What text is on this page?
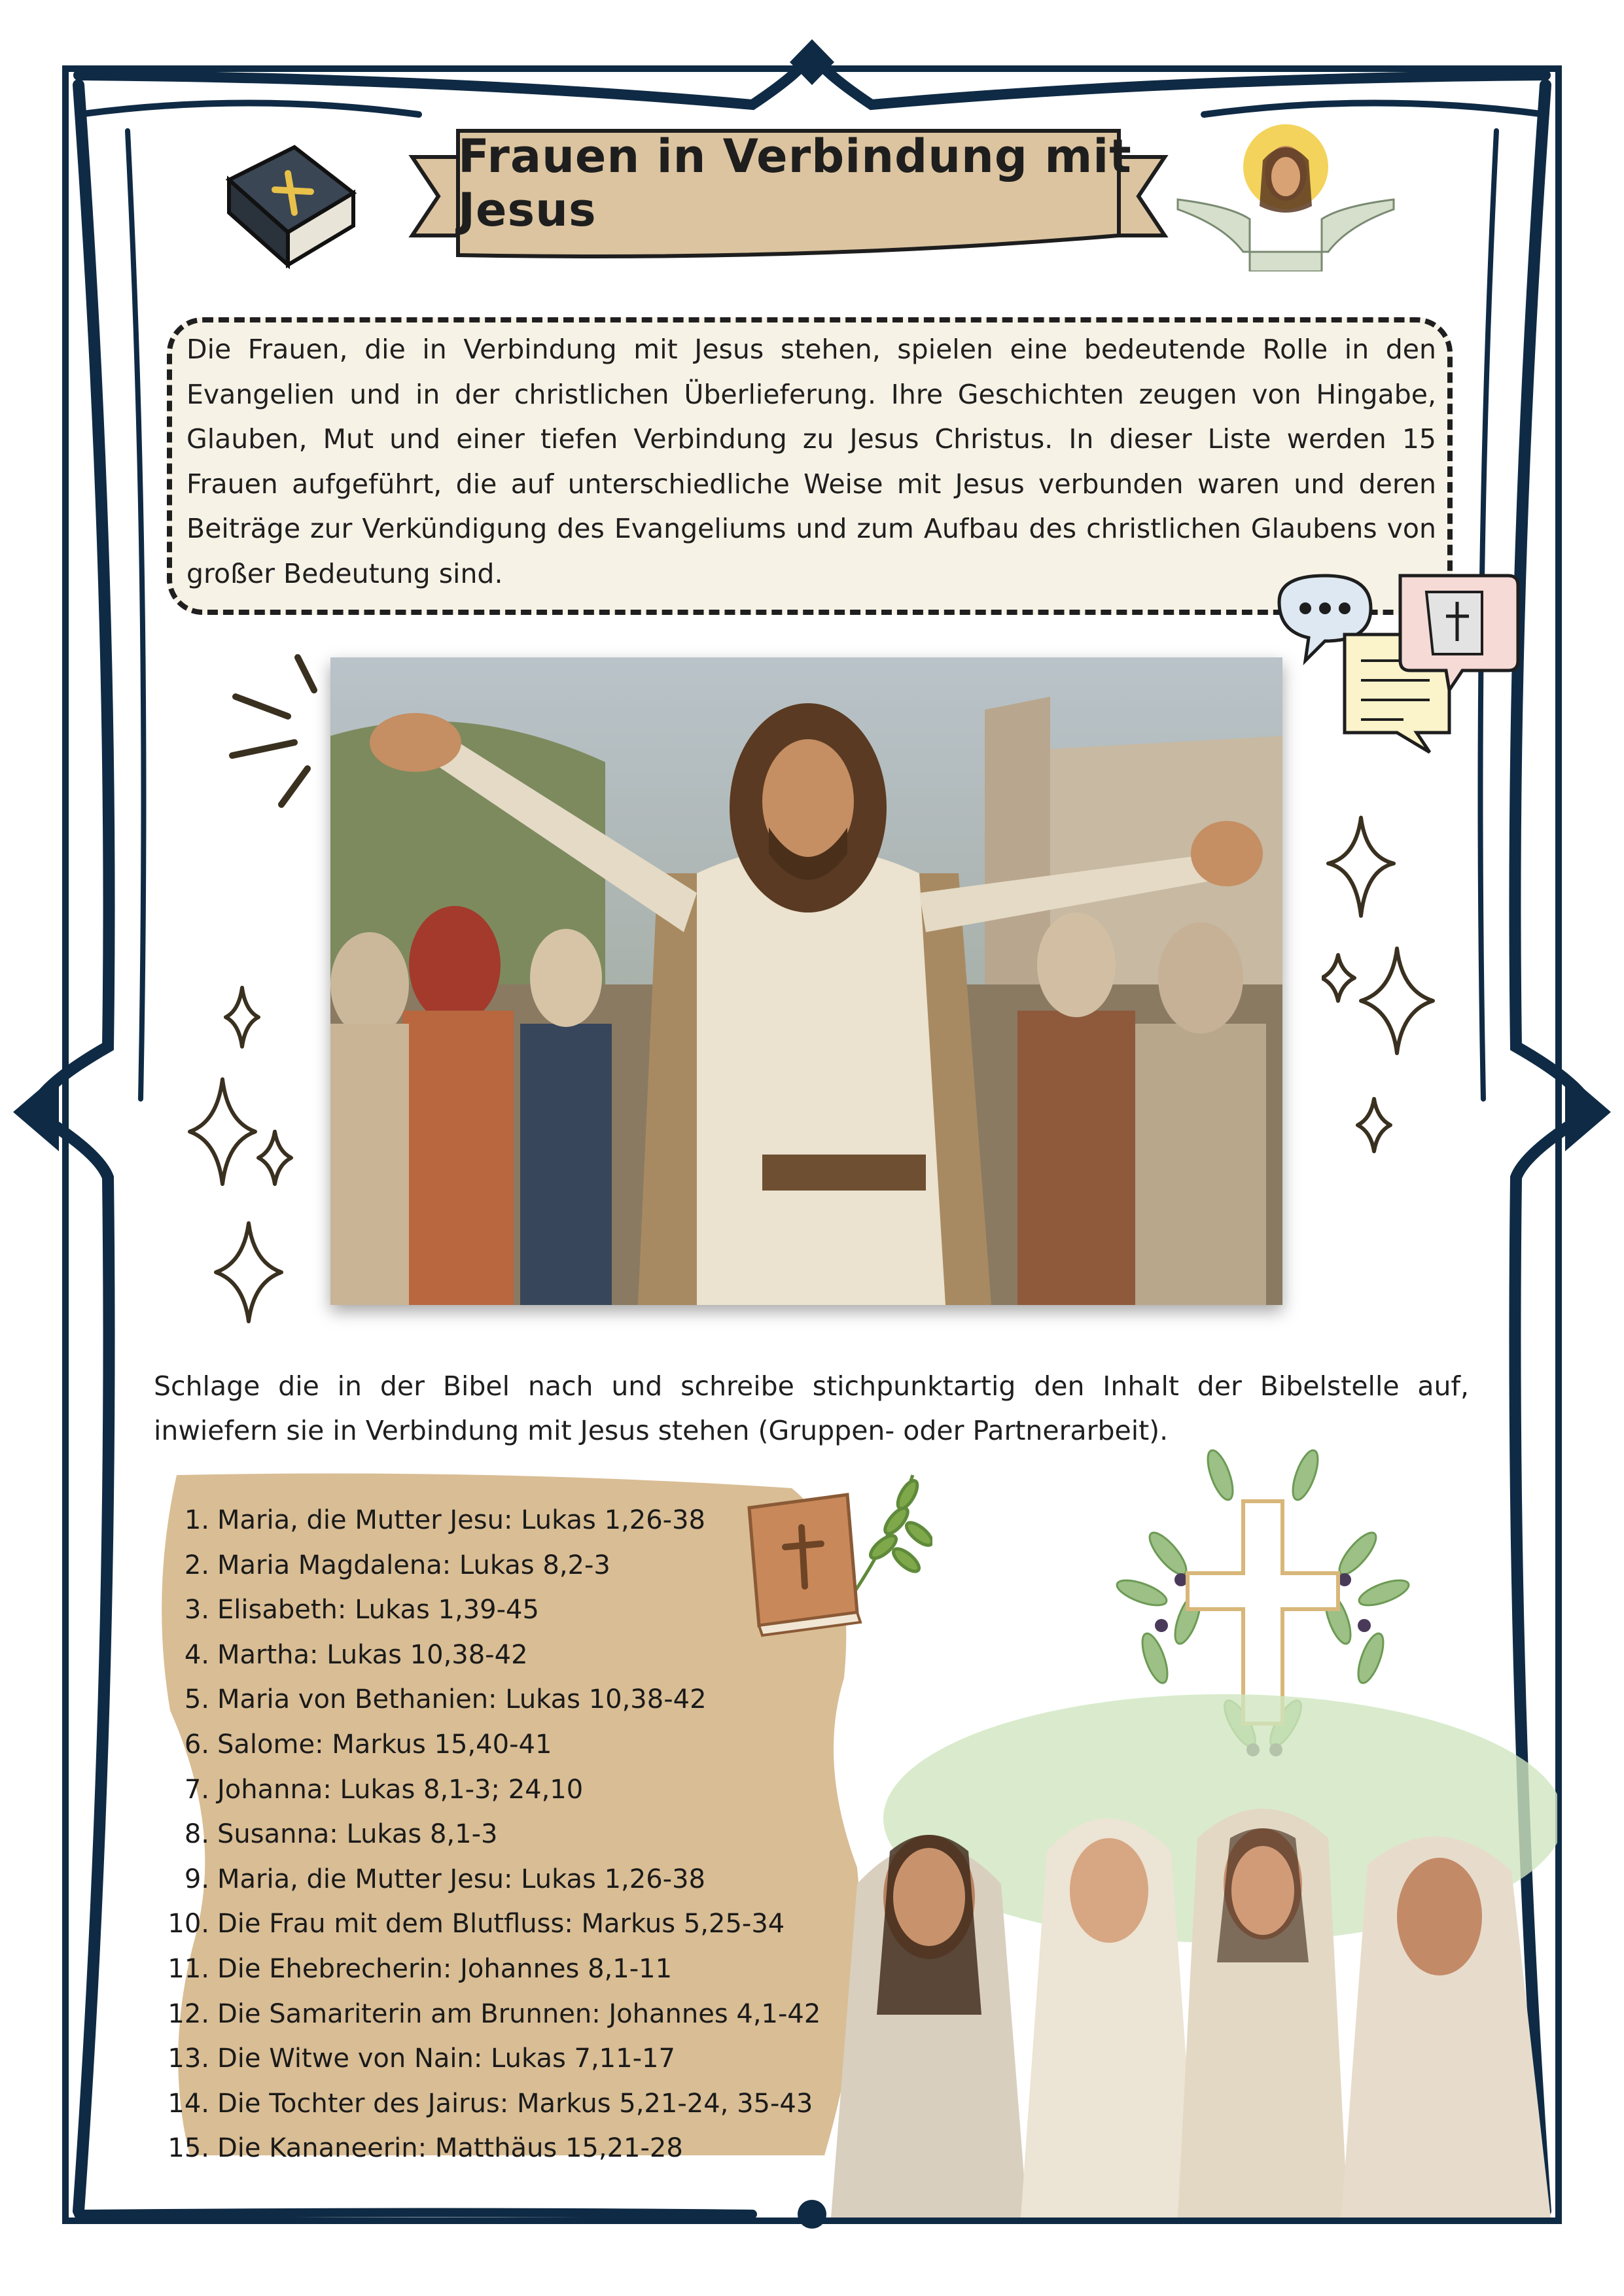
Frauen in Verbindung mit Jesus
Die Frauen, die in Verbindung mit Jesus stehen, spielen eine bedeutende Rolle in den Evangelien und in der christlichen Überlieferung. Ihre Geschichten zeugen von Hingabe, Glauben, Mut und einer tiefen Verbindung zu Jesus Christus. In dieser Liste werden 15 Frauen aufgeführt, die auf unterschiedliche Weise mit Jesus verbunden waren und deren Beiträge zur Verkündigung des Evangeliums und zum Aufbau des christlichen Glaubens von großer Bedeutung sind.
Schlage die in der Bibel nach und schreibe stichpunktartig den Inhalt der Bibelstelle auf, inwiefern sie in Verbindung mit Jesus stehen (Gruppen- oder Partnerarbeit).
1. Maria, die Mutter Jesu: Lukas 1,26-38
2. Maria Magdalena: Lukas 8,2-3
3. Elisabeth: Lukas 1,39-45
4. Martha: Lukas 10,38-42
5. Maria von Bethanien: Lukas 10,38-42
6. Salome: Markus 15,40-41
7. Johanna: Lukas 8,1-3; 24,10
8. Susanna: Lukas 8,1-3
9. Maria, die Mutter Jesu: Lukas 1,26-38
10. Die Frau mit dem Blutfluss: Markus 5,25-34
11. Die Ehebrecherin: Johannes 8,1-11
12. Die Samariterin am Brunnen: Johannes 4,1-42
13. Die Witwe von Nain: Lukas 7,11-17
14. Die Tochter des Jairus: Markus 5,21-24, 35-43
15. Die Kananeerin: Matthäus 15,21-28
